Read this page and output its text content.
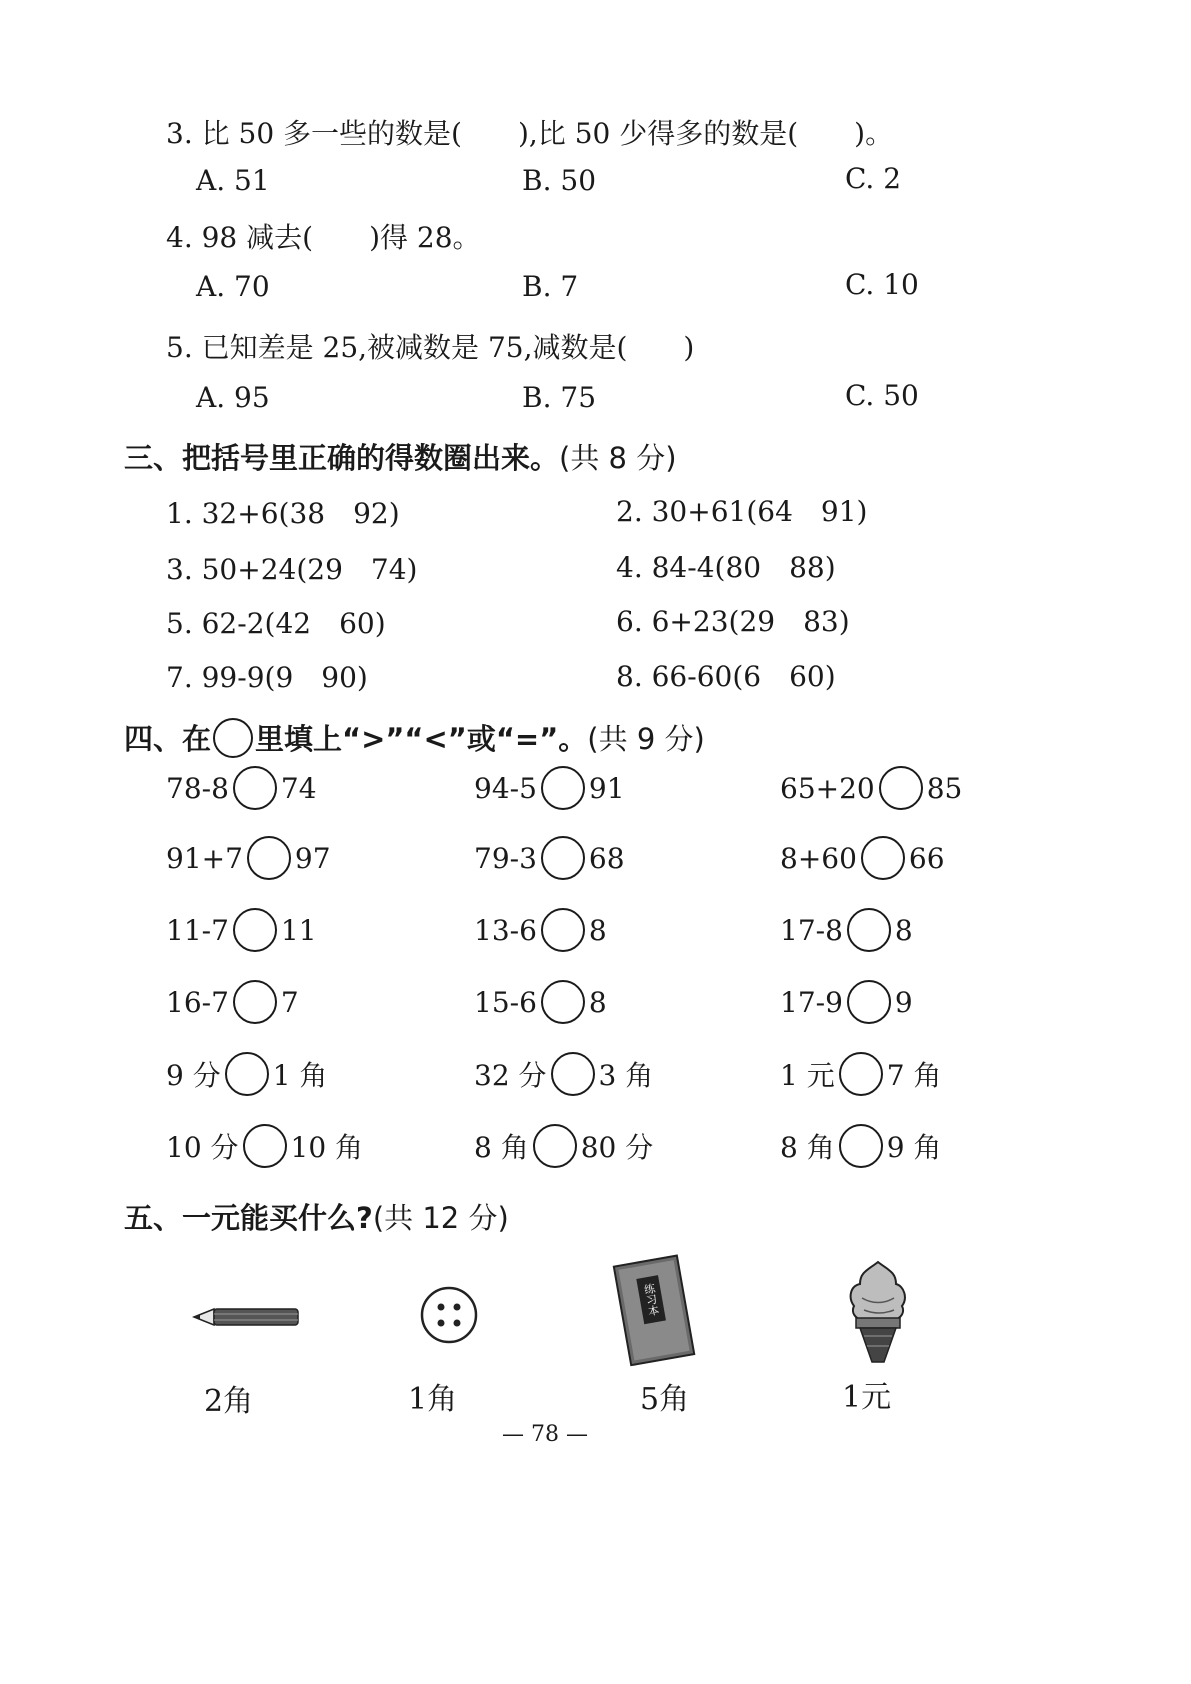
3. 比 50 多一些的数是(　　),比 50 少得多的数是(　　)。
A. 51	B. 50	C. 2
4. 98 减去(　　)得 28。
A. 70	B. 7	C. 10
5. 已知差是 25,被减数是 75,减数是(　　)
A. 95	B. 75	C. 50
三、把括号里正确的得数圈出来。(共 8 分)
1. 32+6(38　92)	2. 30+61(64　91)
3. 50+24(29　74)	4. 84-4(80　88)
5. 62-2(42　60)	6. 6+23(29　83)
7. 99-9(9　90)	8. 66-60(6　60)
四、在 里填上“>”“<”或“=”。 (共 9 分)
78-8 74	94-5 91	65+20 85
91+7 97	79-3 68	8+60 66
11-7 11	13-6 8	17-8 8
16-7 7	15-6 8	17-9 9
9 分 1 角	32 分 3 角	1 元 7 角
10 分 10 角	8 角 80 分	8 角 9 角
五、一元能买什么?(共 12 分)
练习本
2角	1角	5角	1元
— 78 —
